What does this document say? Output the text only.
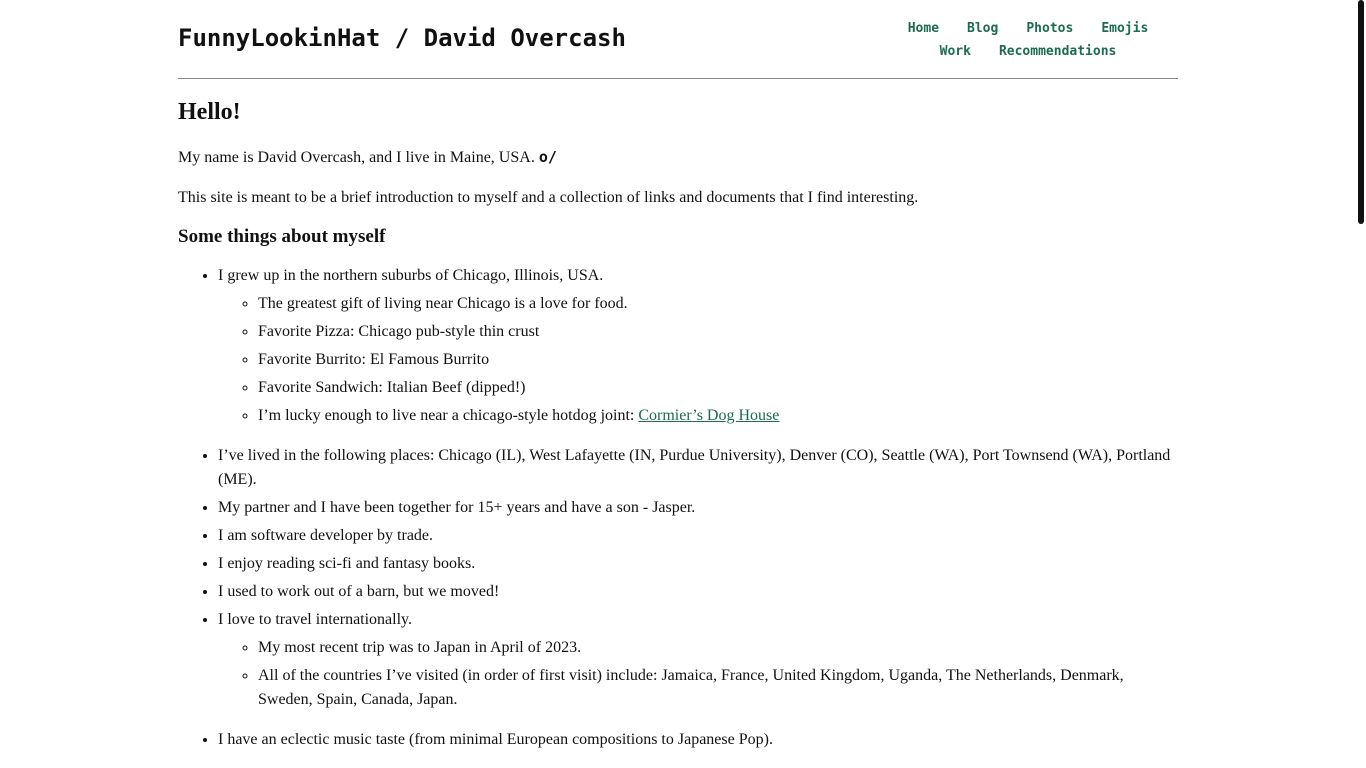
FunnyLookinHat / David Overcash	Home Blog Photos Emojis
Work Recommendations
Hello!

My name is David Overcash, and I live in Maine, USA. o/

This site is meant to be a brief introduction to myself and a collection of links and documents that I find interesting.

Some things about myself
• I grew up in the northern suburbs of Chicago, Illinois, USA.
◦ The greatest gift of living near Chicago is a love for food.
◦ Favorite Pizza: Chicago pub-style thin crust
◦ Favorite Burrito: El Famous Burrito
◦ Favorite Sandwich: Italian Beef (dipped!)
◦ I’m lucky enough to live near a chicago-style hotdog joint: Cormier’s Dog House
• I’ve lived in the following places: Chicago (IL), West Lafayette (IN, Purdue University), Denver (CO), Seattle (WA), Port Townsend (WA), Portland (ME).
• My partner and I have been together for 15+ years and have a son - Jasper.
• I am software developer by trade.
• I enjoy reading sci-fi and fantasy books.
• I used to work out of a barn, but we moved!
• I love to travel internationally.
◦ My most recent trip was to Japan in April of 2023.
◦ All of the countries I’ve visited (in order of first visit) include: Jamaica, France, United Kingdom, Uganda, The Netherlands, Denmark, Sweden, Spain, Canada, Japan.
• I have an eclectic music taste (from minimal European compositions to Japanese Pop).
